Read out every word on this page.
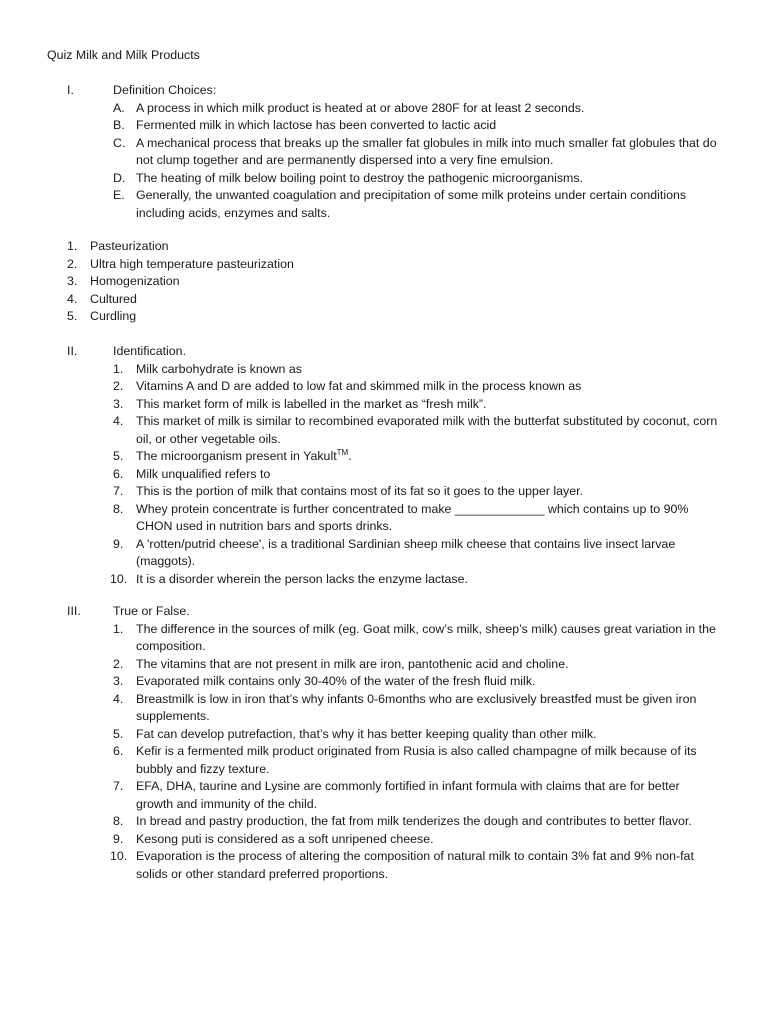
Quiz Milk and Milk Products
I.	Definition Choices:
A. A process in which milk product is heated at or above 280F for at least 2 seconds.
B. Fermented milk in which lactose has been converted to lactic acid
C. A mechanical process that breaks up the smaller fat globules in milk into much smaller fat globules that do not clump together and are permanently dispersed into a very fine emulsion.
D. The heating of milk below boiling point to destroy the pathogenic microorganisms.
E. Generally, the unwanted coagulation and precipitation of some milk proteins under certain conditions including acids, enzymes and salts.
1. Pasteurization
2. Ultra high temperature pasteurization
3. Homogenization
4. Cultured
5. Curdling
II.	Identification.
1. Milk carbohydrate is known as
2. Vitamins A and D are added to low fat and skimmed milk in the process known as
3. This market form of milk is labelled in the market as “fresh milk”.
4. This market of milk is similar to recombined evaporated milk with the butterfat substituted by coconut, corn oil, or other vegetable oils.
5. The microorganism present in Yakult™.
6. Milk unqualified refers to
7. This is the portion of milk that contains most of its fat so it goes to the upper layer.
8. Whey protein concentrate is further concentrated to make _____________ which contains up to 90% CHON used in nutrition bars and sports drinks.
9. A 'rotten/putrid cheese', is a traditional Sardinian sheep milk cheese that contains live insect larvae (maggots).
10. It is a disorder wherein the person lacks the enzyme lactase.
III.	True or False.
1. The difference in the sources of milk (eg. Goat milk, cow’s milk, sheep’s milk) causes great variation in the composition.
2. The vitamins that are not present in milk are iron, pantothenic acid and choline.
3. Evaporated milk contains only 30-40% of the water of the fresh fluid milk.
4. Breastmilk is low in iron that’s why infants 0-6months who are exclusively breastfed must be given iron supplements.
5. Fat can develop putrefaction, that’s why it has better keeping quality than other milk.
6. Kefir is a fermented milk product originated from Rusia is also called champagne of milk because of its bubbly and fizzy texture.
7. EFA, DHA, taurine and Lysine are commonly fortified in infant formula with claims that are for better growth and immunity of the child.
8. In bread and pastry production, the fat from milk tenderizes the dough and contributes to better flavor.
9. Kesong puti is considered as a soft unripened cheese.
10. Evaporation is the process of altering the composition of natural milk to contain 3% fat and 9% non-fat solids or other standard preferred proportions.
